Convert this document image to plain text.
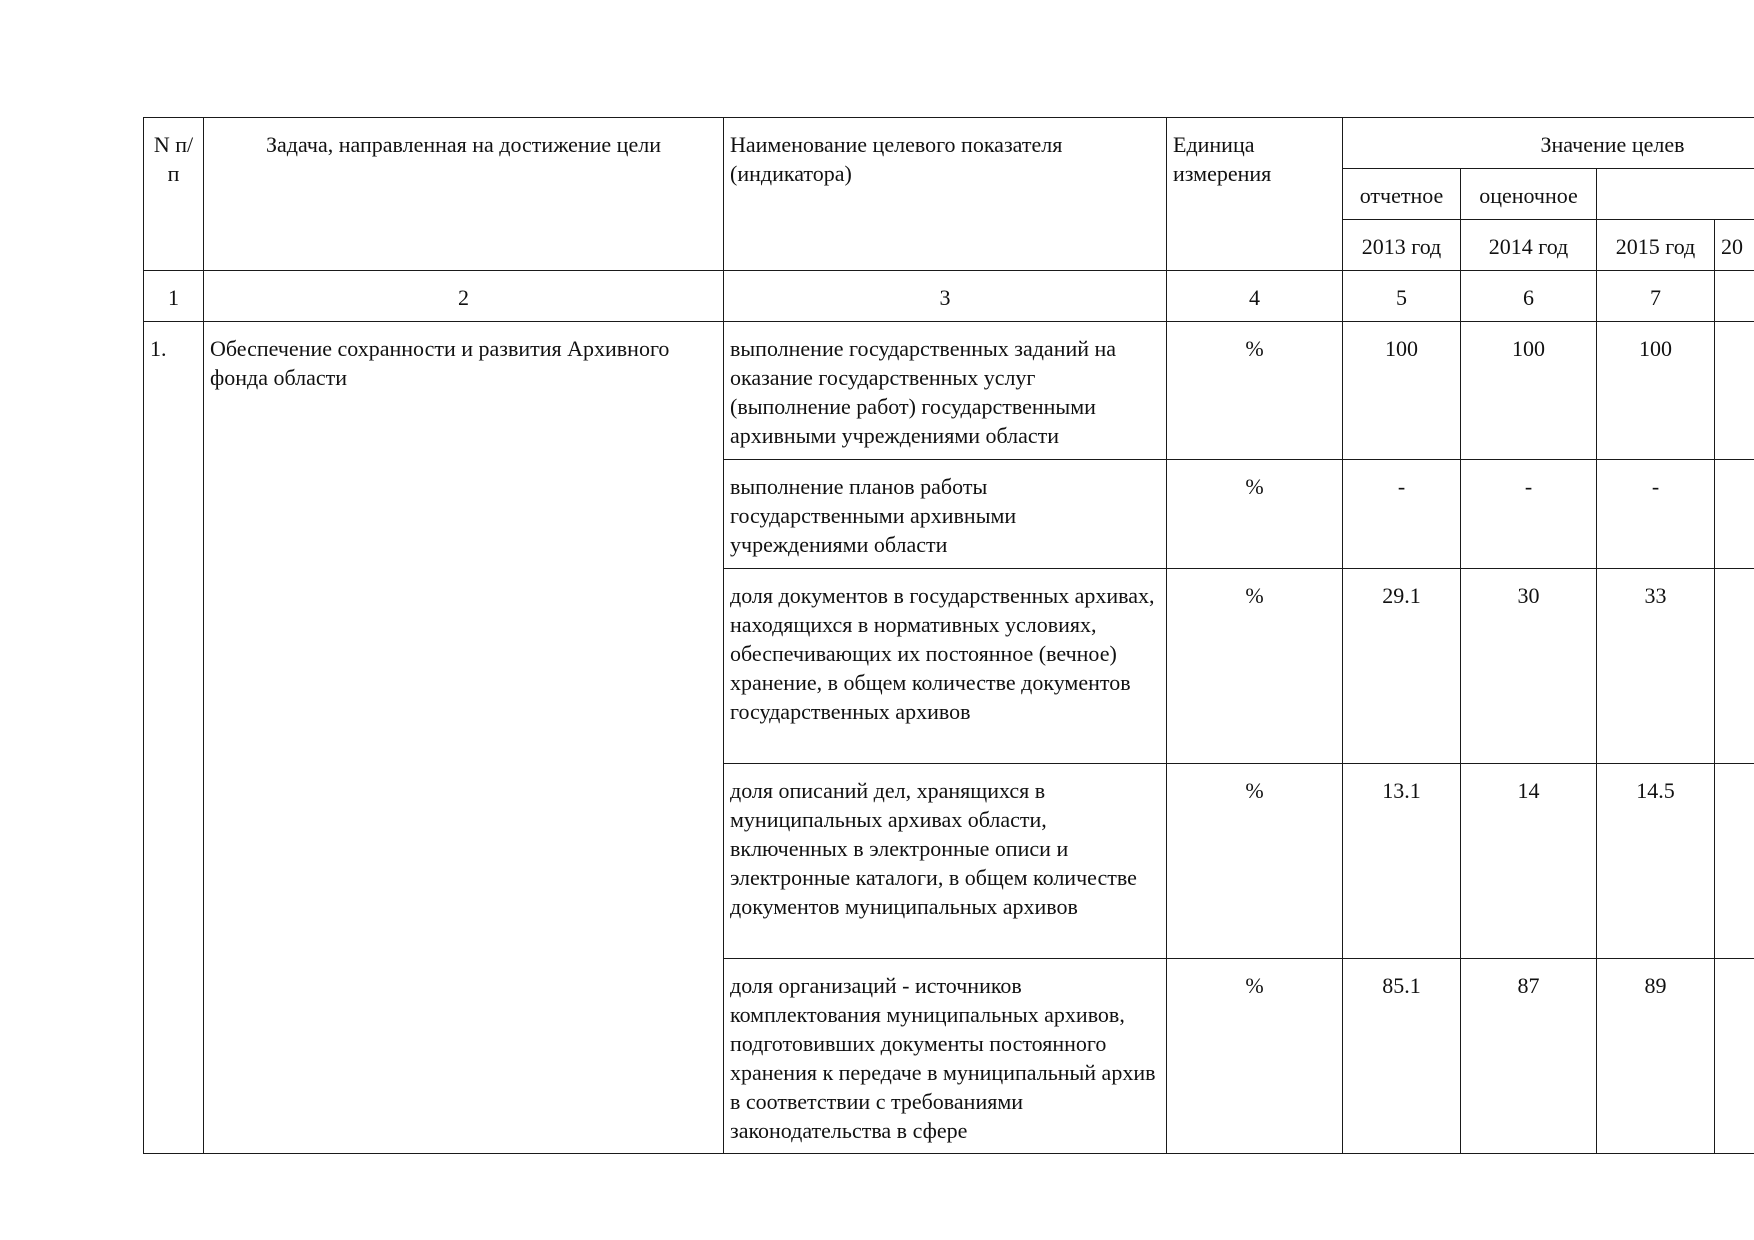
N п/п	Задача, направленная на достижение цели	Наименование целевого показателя (индикатора)	Единица измерения	Значение целев			
				отчетное	оценочное		
				2013 год	2014 год	2015 год	20
1	2	3	4	5	6	7	
1.	Обеспечение сохранности и развития Архивного фонда области	выполнение государственных заданий на оказание государственных услуг (выполнение работ) государственными архивными учреждениями области	%	100	100	100	
		выполнение планов работы государственными архивными учреждениями области	%	-	-	-	
		доля документов в государственных архивах, находящихся в нормативных условиях, обеспечивающих их постоянное (вечное) хранение, в общем количестве документов государственных архивов	%	29.1	30	33	
		доля описаний дел, хранящихся в муниципальных архивах области, включенных в электронные описи и электронные каталоги, в общем количестве документов муниципальных архивов	%	13.1	14	14.5	
		доля организаций - источников комплектования муниципальных архивов, подготовивших документы постоянного хранения к передаче в муниципальный архив в соответствии с требованиями законодательства в сфере	%	85.1	87	89	
